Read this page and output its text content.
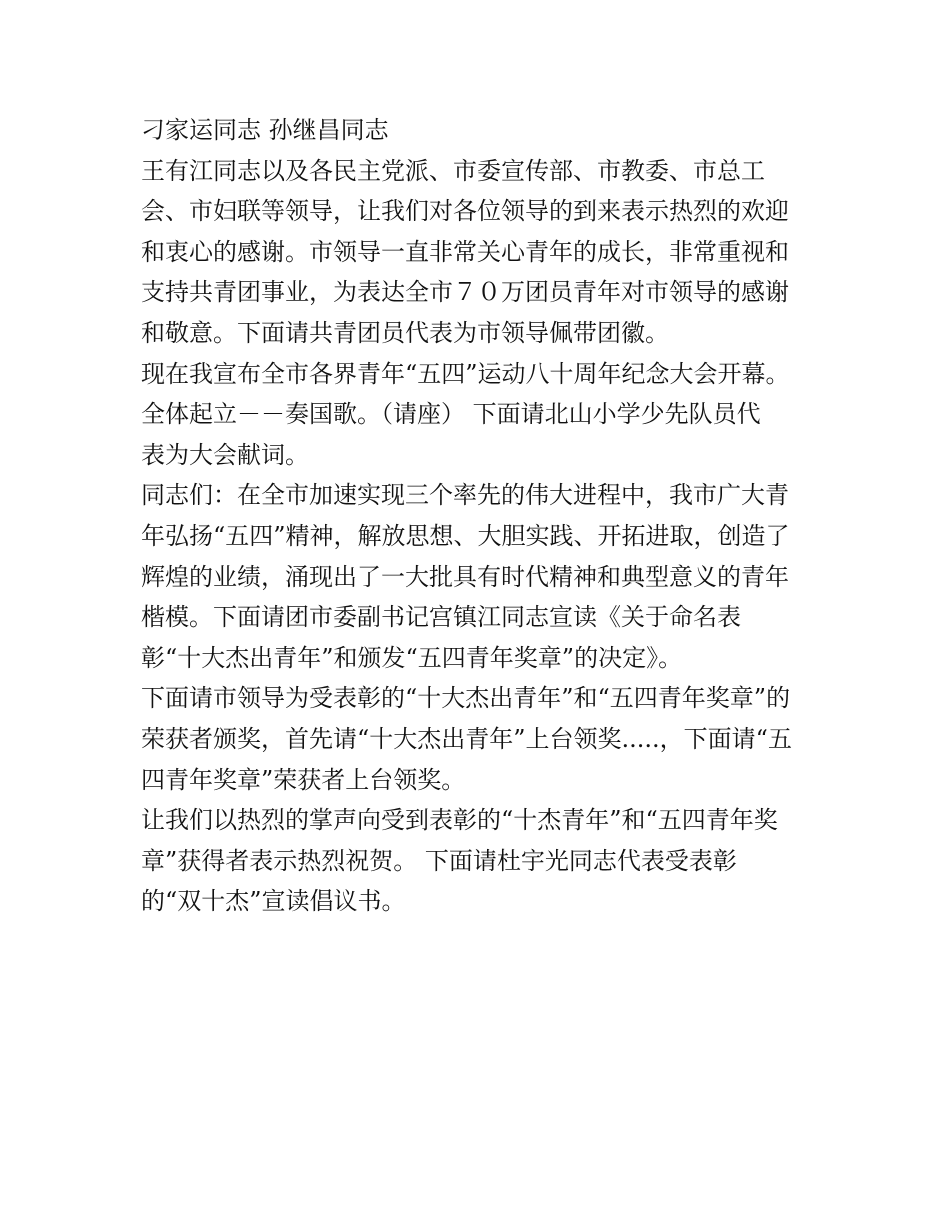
刁家运同志 孙继昌同志
王有江同志以及各民主党派、市委宣传部、市教委、市总工
会、市妇联等领导，让我们对各位领导的到来表示热烈的欢迎
和衷心的感谢。市领导一直非常关心青年的成长，非常重视和
支持共青团事业，为表达全市７０万团员青年对市领导的感谢
和敬意。下面请共青团员代表为市领导佩带团徽。
现在我宣布全市各界青年“五四”运动八十周年纪念大会开幕。
全体起立－－奏国歌。（请座） 下面请北山小学少先队员代
表为大会献词。
同志们：在全市加速实现三个率先的伟大进程中，我市广大青
年弘扬“五四”精神，解放思想、大胆实践、开拓进取，创造了
辉煌的业绩，涌现出了一大批具有时代精神和典型意义的青年
楷模。下面请团市委副书记宫镇江同志宣读《关于命名表
彰“十大杰出青年”和颁发“五四青年奖章”的决定》。
下面请市领导为受表彰的“十大杰出青年”和“五四青年奖章”的
荣获者颁奖，首先请“十大杰出青年”上台领奖.....，下面请“五
四青年奖章”荣获者上台领奖。
让我们以热烈的掌声向受到表彰的“十杰青年”和“五四青年奖
章”获得者表示热烈祝贺。 下面请杜宇光同志代表受表彰
的“双十杰”宣读倡议书。
